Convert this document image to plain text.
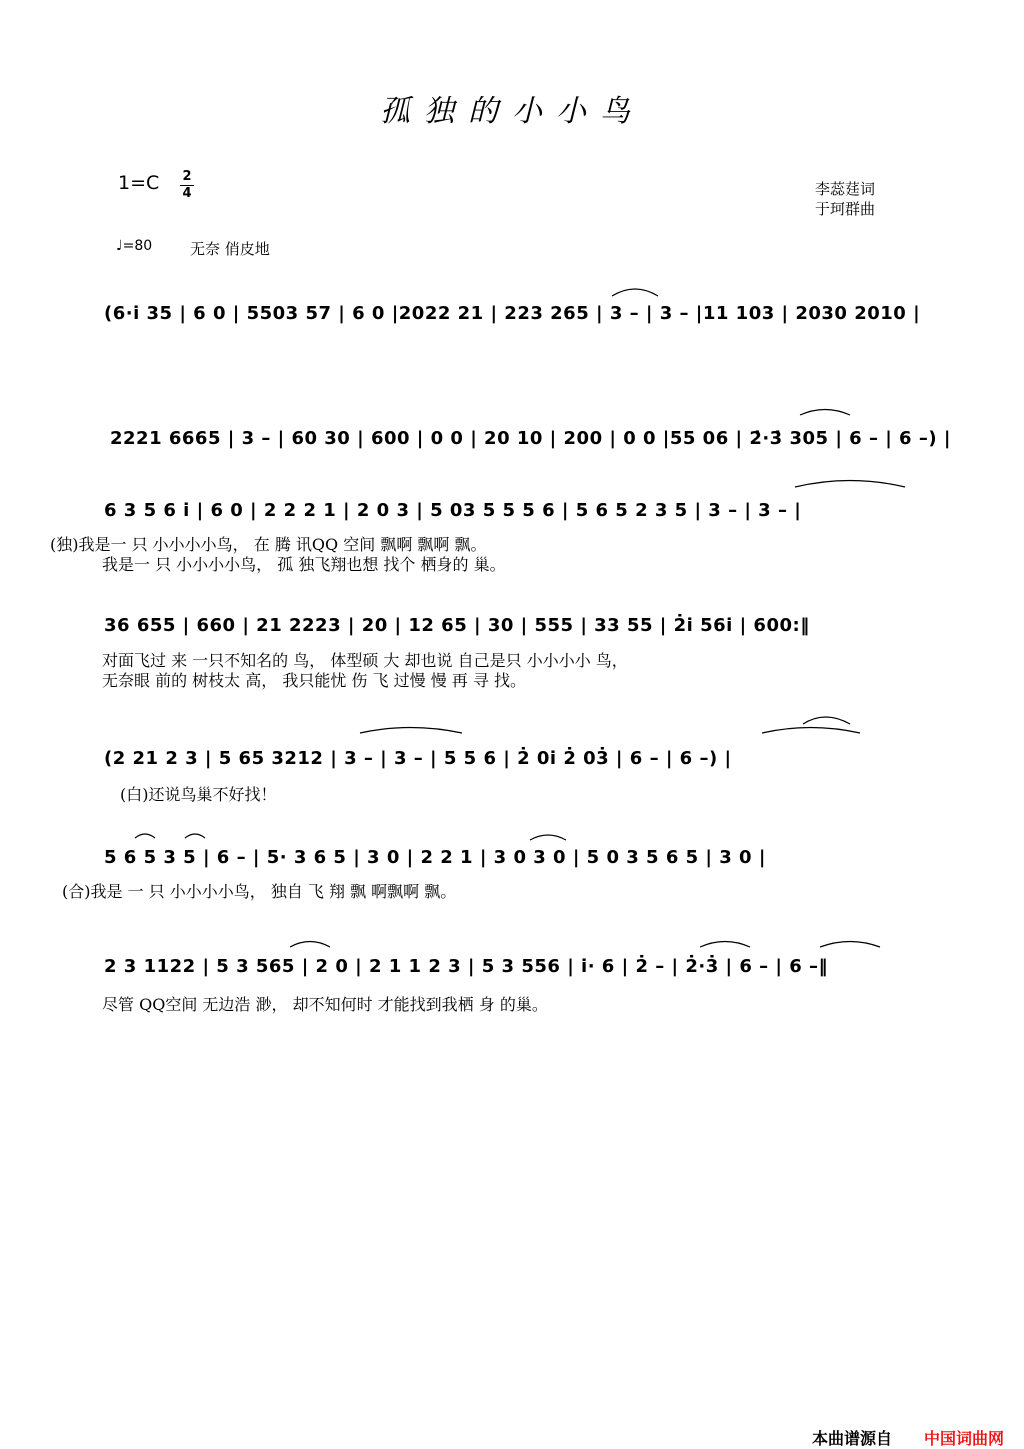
孤独的小小鸟
1=C 2
4	李蕊莛词
于珂群曲
♩=80	无奈 俏皮地
(6·i̇ 35 | 6 0 | 5503 57 | 6 0 |2022 21 | 223 265 | 3 – | 3 – |11 103 | 2030 2010 |
2221 6665 | 3 – | 60 30 | 600 | 0 0 | 20 10 | 200 | 0 0 |55 06 | 2̇·3̇ 305 | 6 – | 6 –) |
6 3 5 6 i̇ | 6 0 | 2 2 2 1 | 2 0 3 | 5 03 5 5 5 6 | 5 6 5 2 3 5 | 3 – | 3 – |
(独)我是一 只 小小小小鸟， 在 腾 讯QQ 空间 飘啊 飘啊 飘。
我是一 只 小小小小鸟， 孤 独飞翔也想 找个 栖身的 巢。
36 655 | 660 | 21 2223 | 20 | 12 65 | 30 | 555 | 33 55 | 2̇i̇ 56i̇ | 600:‖
对面飞过 来 一只不知名的 鸟， 体型硕 大 却也说 自己是只 小小小小 鸟，
无奈眼 前的 树枝太 高， 我只能忧 伤 飞 过慢 慢 再 寻 找。
(2 21 2 3 | 5 65 3212 | 3 – | 3 – | 5 5 6 | 2̇ 0i̇ 2̇ 03̇ | 6 – | 6 –) |
(白)还说鸟巢不好找！
5 6 5 3 5 | 6 – | 5· 3 6 5 | 3 0 | 2 2 1 | 3 0 3 0 | 5 0 3 5 6 5 | 3 0 |
(合)我是 一 只 小小小小鸟， 独自 飞 翔 飘 啊飘啊 飘。
2 3 1122 | 5 3 565 | 2 0 | 2 1 1 2 3 | 5 3 556 | i̇· 6 | 2̇ – | 2̇·3̇ | 6 – | 6 –‖
尽管 QQ空间 无边浩 渺， 却不知何时 才能找到我栖 身 的巢。
本曲谱源自 中国词曲网
